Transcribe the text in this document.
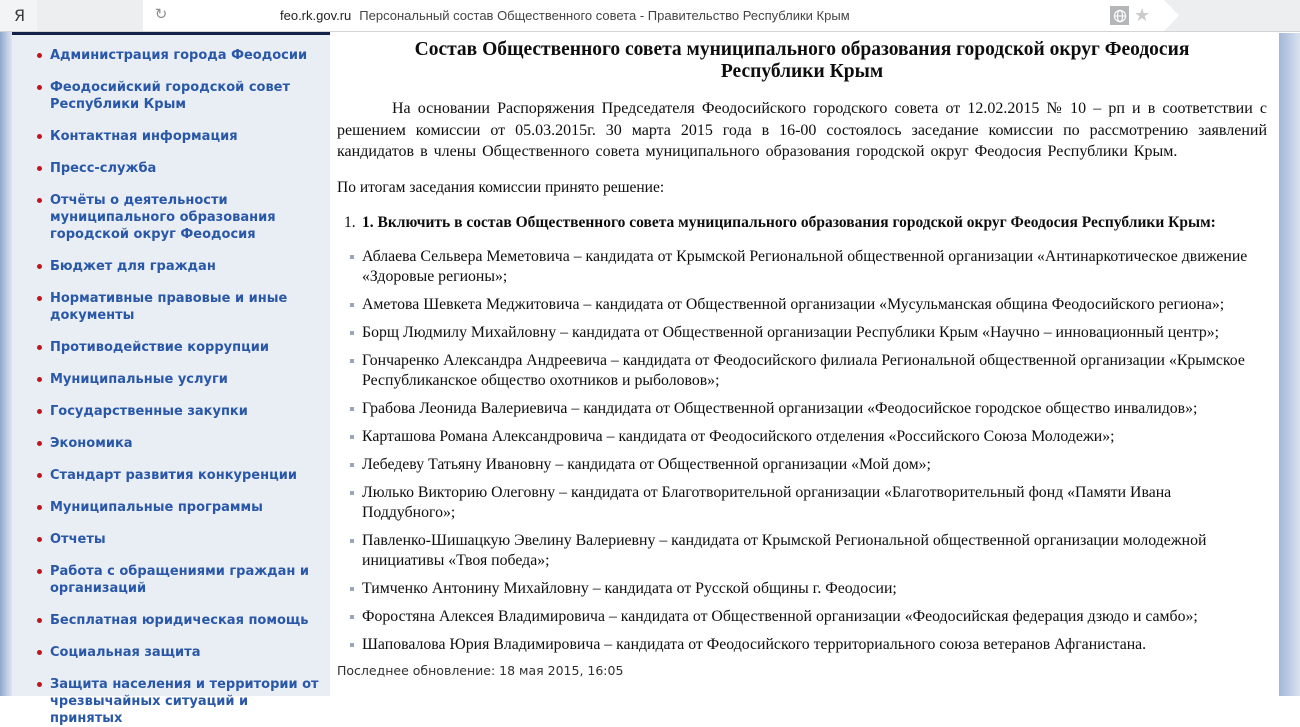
Я	↻	feo.rk.gov.ru Персональный состав Общественного совета - Правительство Республики Крым	★
Администрация города Феодосии
Феодосийский городской совет Республики Крым
Контактная информация
Пресс-служба
Отчёты о деятельности муниципального образования городской округ Феодосия
Бюджет для граждан
Нормативные правовые и иные документы
Противодействие коррупции
Муниципальные услуги
Государственные закупки
Экономика
Стандарт развития конкуренции
Муниципальные программы
Отчеты
Работа с обращениями граждан и организаций
Бесплатная юридическая помощь
Социальная защита
Защита населения и территории от чрезвычайных ситуаций и принятых
Состав Общественного совета муниципального образования городской округ Феодосия Республики Крым

На основании Распоряжения Председателя Феодосийского городского совета от 12.02.2015 № 10 – рп и в соответствии с решением комиссии от 05.03.2015г. 30 марта 2015 года в 16-00 состоялось заседание комиссии по рассмотрению заявлений кандидатов в члены Общественного совета муниципального образования городской округ Феодосия Республики Крым.

По итогам заседания комиссии принято решение:

1. 1. Включить в состав Общественного совета муниципального образования городской округ Феодосия Республики Крым:
Аблаева Сельвера Меметовича – кандидата от Крымской Региональной общественной организации «Антинаркотическое движение «Здоровые регионы»;
Аметова Шевкета Меджитовича – кандидата от Общественной организации «Мусульманская община Феодосийского региона»;
Борщ Людмилу Михайловну – кандидата от Общественной организации Республики Крым «Научно – инновационный центр»;
Гончаренко Александра Андреевича – кандидата от Феодосийского филиала Региональной общественной организации «Крымское Республиканское общество охотников и рыболовов»;
Грабова Леонида Валериевича – кандидата от Общественной организации «Феодосийское городское общество инвалидов»;
Карташова Романа Александровича – кандидата от Феодосийского отделения «Российского Союза Молодежи»;
Лебедеву Татьяну Ивановну – кандидата от Общественной организации «Мой дом»;
Люлько Викторию Олеговну – кандидата от Благотворительной организации «Благотворительный фонд «Памяти Ивана Поддубного»;
Павленко-Шишацкую Эвелину Валериевну – кандидата от Крымской Региональной общественной организации молодежной инициативы «Твоя победа»;
Тимченко Антонину Михайловну – кандидата от Русской общины г. Феодосии;
Форостяна Алексея Владимировича – кандидата от Общественной организации «Феодосийская федерация дзюдо и самбо»;
Шаповалова Юрия Владимировича – кандидата от Феодосийского территориального союза ветеранов Афганистана.
Последнее обновление: 18 мая 2015, 16:05
